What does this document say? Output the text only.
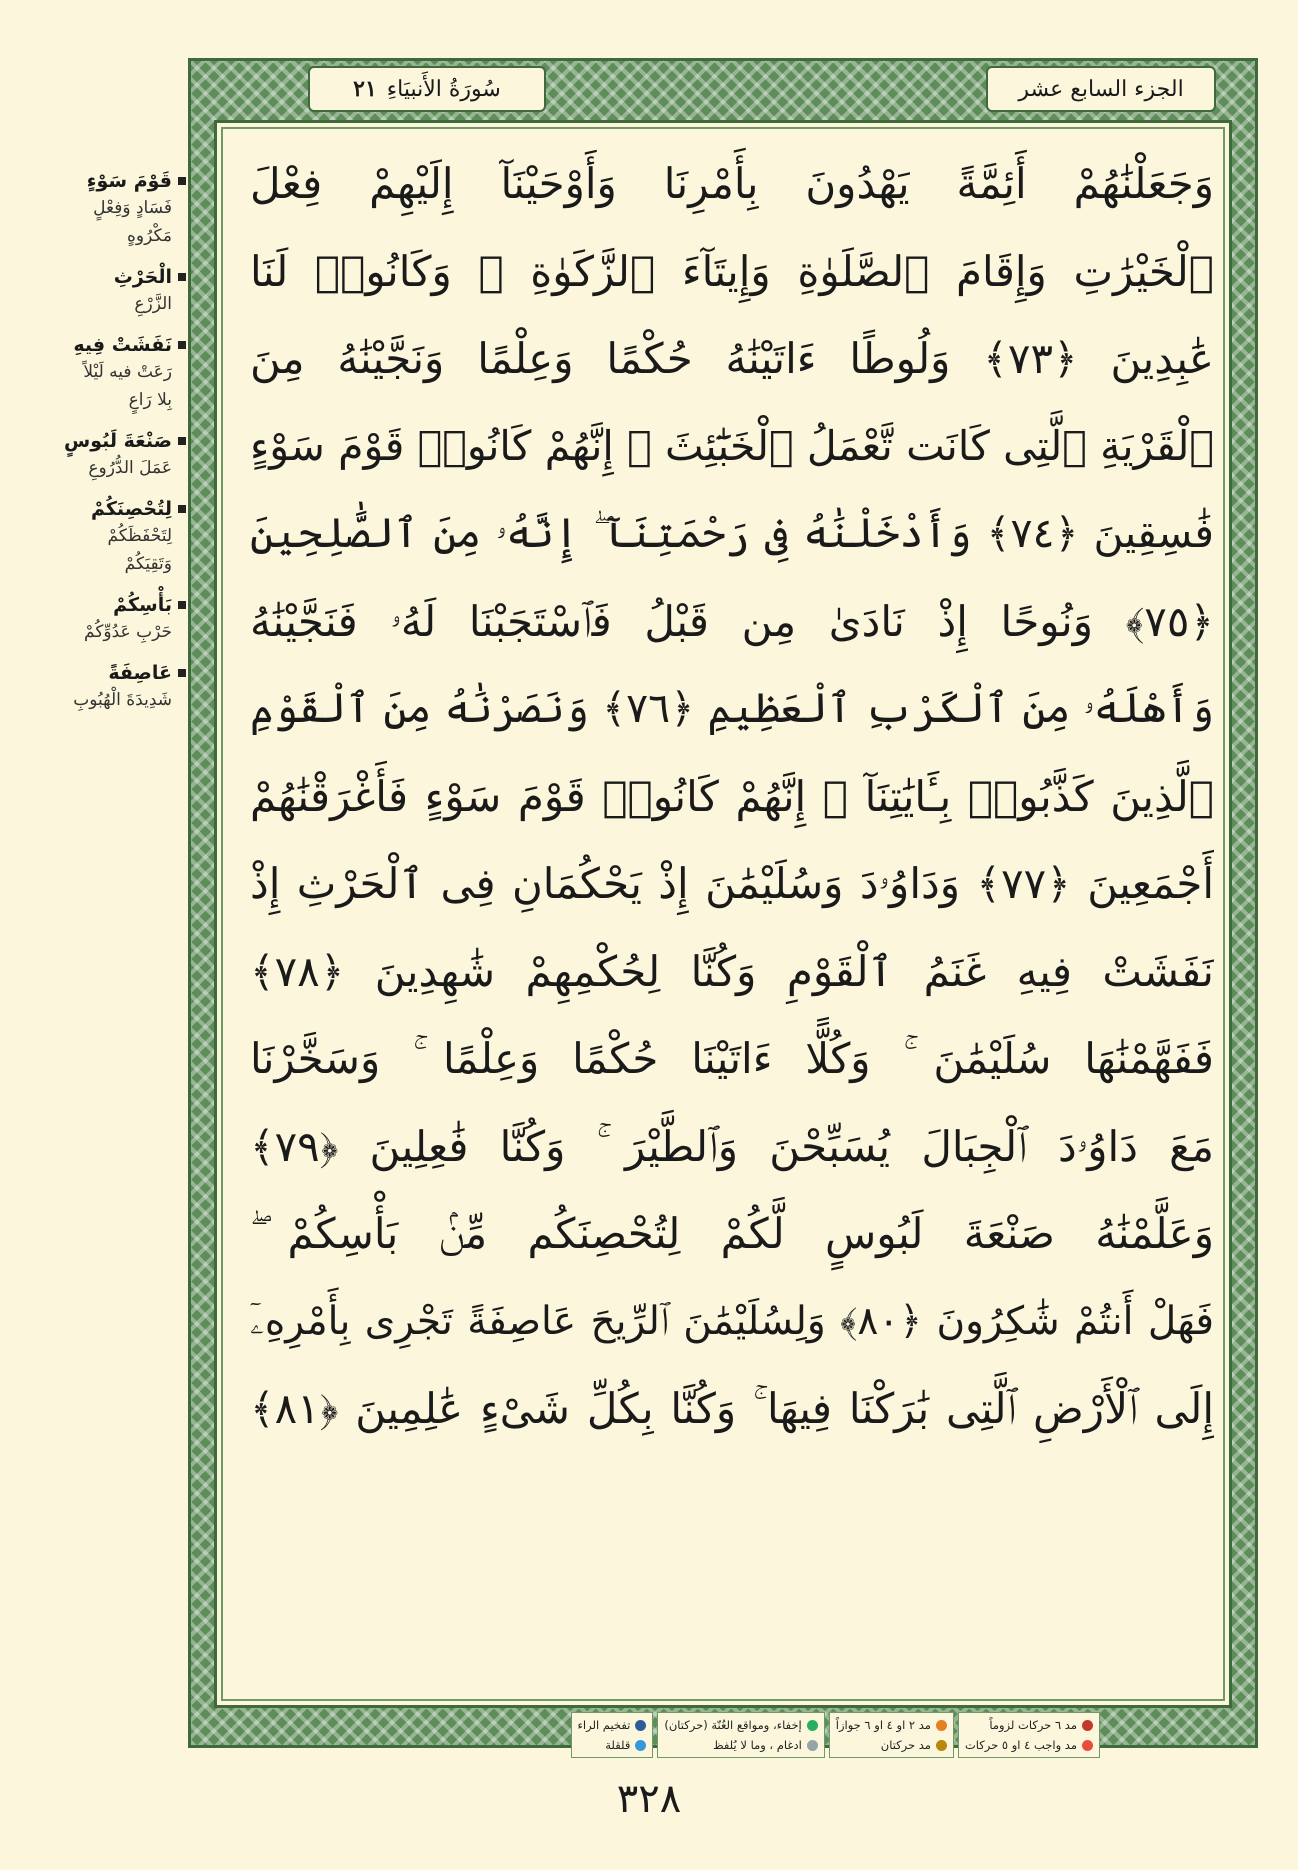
قَوْمَ سَوْءٍ
فَسَادٍ وَفِعْلٍ
مَكْرُوهٍ
الْحَرْثِ
الزَّرْعِ
نَفَشَتْ فِيهِ
رَعَتْ فيه لَيْلاً
بِلا رَاعٍ
صَنْعَةَ لَبُوسٍ
عَمَلَ الدُّرُوعِ
لِتُحْصِنَكُمْ
لِتَحْفَظَكُمْ
وَتَقِيَكُمْ
بَأْسِكُمْ
حَرْبِ عَدُوِّكُمْ
عَاصِفَةً
شَدِيدَةَ الْهُبُوبِ
سُورَةُ الأَنبيَاءِ
٢١	الجزء السابع عشر
وَجَعَلْنَٰهُمْ أَئِمَّةً يَهْدُونَ بِأَمْرِنَا وَأَوْحَيْنَآ إِلَيْهِمْ فِعْلَ
ٱلْخَيْرَٰتِ وَإِقَامَ ٱلصَّلَوٰةِ وَإِيتَآءَ ٱلزَّكَوٰةِ ۖ وَكَانُوا۟ لَنَا
عَٰبِدِينَ ﴿٧٣﴾ وَلُوطًا ءَاتَيْنَٰهُ حُكْمًا وَعِلْمًا وَنَجَّيْنَٰهُ مِنَ
ٱلْقَرْيَةِ ٱلَّتِى كَانَت تَّعْمَلُ ٱلْخَبَٰٓئِثَ ۗ إِنَّهُمْ كَانُوا۟ قَوْمَ سَوْءٍ
فَٰسِقِينَ ﴿٧٤﴾ وَأَدْخَلْنَٰهُ فِى رَحْمَتِنَآ ۖ إِنَّهُۥ مِنَ ٱلصَّٰلِحِينَ
﴿٧٥﴾ وَنُوحًا إِذْ نَادَىٰ مِن قَبْلُ فَٱسْتَجَبْنَا لَهُۥ فَنَجَّيْنَٰهُ
وَأَهْلَهُۥ مِنَ ٱلْكَرْبِ ٱلْعَظِيمِ ﴿٧٦﴾ وَنَصَرْنَٰهُ مِنَ ٱلْقَوْمِ
ٱلَّذِينَ كَذَّبُوا۟ بِـَٔايَٰتِنَآ ۚ إِنَّهُمْ كَانُوا۟ قَوْمَ سَوْءٍ فَأَغْرَقْنَٰهُمْ
أَجْمَعِينَ ﴿٧٧﴾ وَدَاوُۥدَ وَسُلَيْمَٰنَ إِذْ يَحْكُمَانِ فِى ٱلْحَرْثِ إِذْ
نَفَشَتْ فِيهِ غَنَمُ ٱلْقَوْمِ وَكُنَّا لِحُكْمِهِمْ شَٰهِدِينَ ﴿٧٨﴾
فَفَهَّمْنَٰهَا سُلَيْمَٰنَ ۚ وَكُلًّا ءَاتَيْنَا حُكْمًا وَعِلْمًا ۚ وَسَخَّرْنَا
مَعَ دَاوُۥدَ ٱلْجِبَالَ يُسَبِّحْنَ وَٱلطَّيْرَ ۚ وَكُنَّا فَٰعِلِينَ ﴿٧٩﴾
وَعَلَّمْنَٰهُ صَنْعَةَ لَبُوسٍ لَّكُمْ لِتُحْصِنَكُم مِّنۢ بَأْسِكُمْ ۖ
فَهَلْ أَنتُمْ شَٰكِرُونَ ﴿٨٠﴾ وَلِسُلَيْمَٰنَ ٱلرِّيحَ عَاصِفَةً تَجْرِى بِأَمْرِهِۦٓ
إِلَى ٱلْأَرْضِ ٱلَّتِى بَٰرَكْنَا فِيهَا ۚ وَكُنَّا بِكُلِّ شَىْءٍ عَٰلِمِينَ ﴿٨١﴾
مد ٦ حركات لزوماً
مد واجب ٤ او ٥ حركات
مد ٢ او ٤ او ٦ جوازاً
مد حركتان
إخفاء، ومواقع الغُنّة (حركتان)
ادغام ، وما لا يُلفظ
تفخيم الراء
قلقلة
٣٢٨
